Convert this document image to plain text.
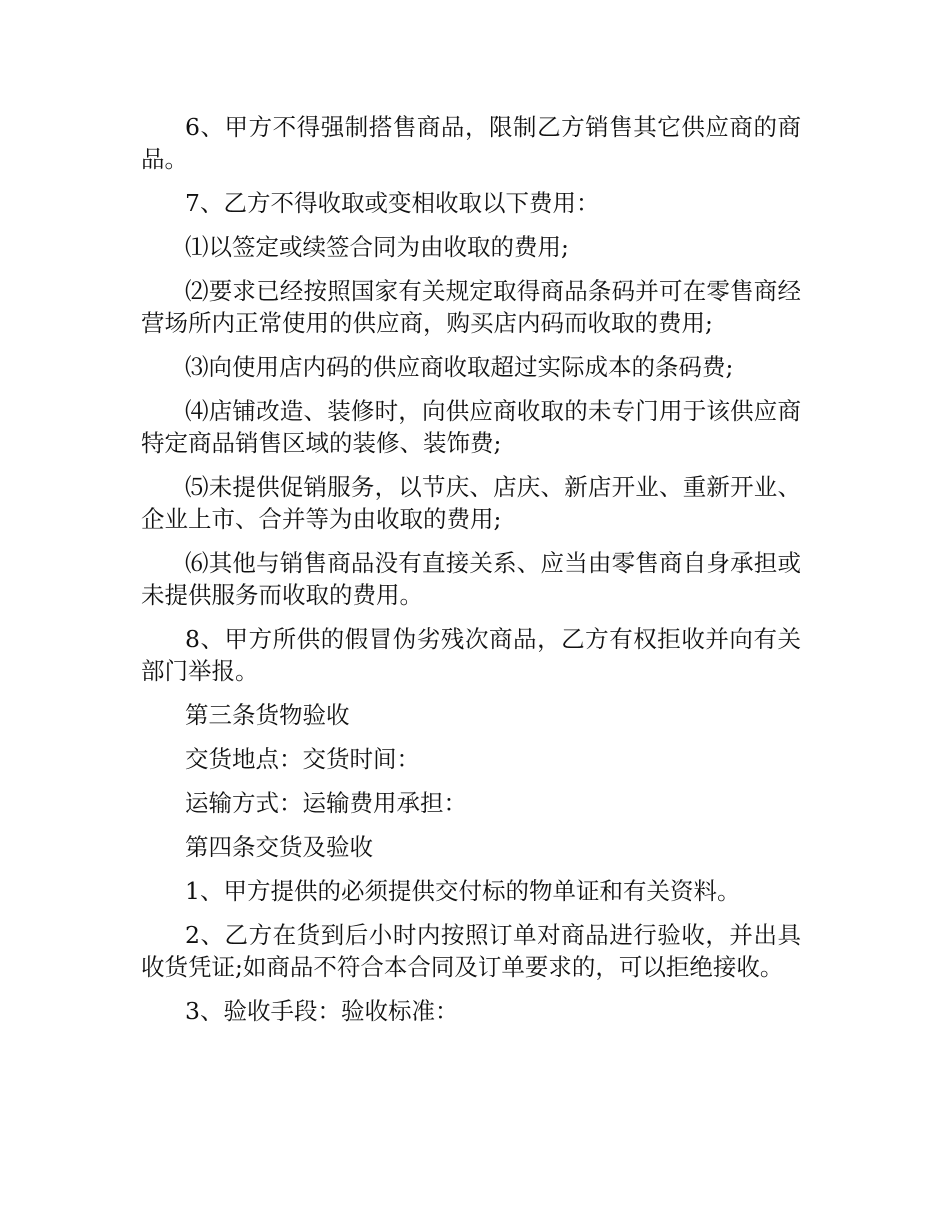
6、甲方不得强制搭售商品，限制乙方销售其它供应商的商品。

7、乙方不得收取或变相收取以下费用：

⑴以签定或续签合同为由收取的费用;

⑵要求已经按照国家有关规定取得商品条码并可在零售商经营场所内正常使用的供应商，购买店内码而收取的费用;

⑶向使用店内码的供应商收取超过实际成本的条码费;

⑷店铺改造、装修时，向供应商收取的未专门用于该供应商特定商品销售区域的装修、装饰费;

⑸未提供促销服务，以节庆、店庆、新店开业、重新开业、企业上市、合并等为由收取的费用;

⑹其他与销售商品没有直接关系、应当由零售商自身承担或未提供服务而收取的费用。

8、甲方所供的假冒伪劣残次商品，乙方有权拒收并向有关部门举报。

第三条货物验收

交货地点：交货时间：

运输方式：运输费用承担：

第四条交货及验收

1、甲方提供的必须提供交付标的物单证和有关资料。

2、乙方在货到后小时内按照订单对商品进行验收，并出具收货凭证;如商品不符合本合同及订单要求的，可以拒绝接收。

3、验收手段：验收标准：
